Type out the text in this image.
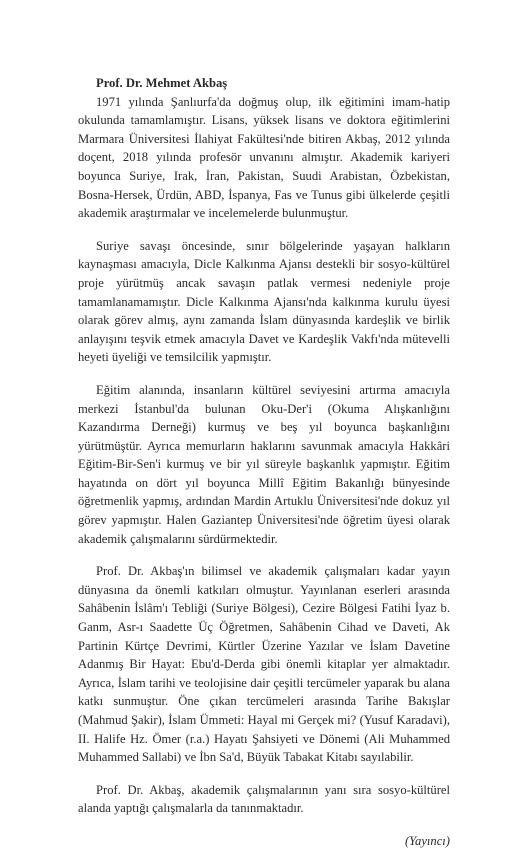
Prof. Dr. Mehmet Akbaş

1971 yılında Şanlıurfa'da doğmuş olup, ilk eğitimini imam-hatip okulunda tamamlamıştır. Lisans, yüksek lisans ve doktora eğitimlerini Marmara Üniversitesi İlahiyat Fakültesi'nde bitiren Akbaş, 2012 yılında doçent, 2018 yılında profesör unvanını almıştır. Akademik kariyeri boyunca Suriye, Irak, İran, Pakistan, Suudi Arabistan, Özbekistan, Bosna-Hersek, Ürdün, ABD, İspanya, Fas ve Tunus gibi ülkelerde çeşitli akademik araştırmalar ve incelemelerde bulunmuştur.

Suriye savaşı öncesinde, sınır bölgelerinde yaşayan halkların kaynaşması amacıyla, Dicle Kalkınma Ajansı destekli bir sosyo-kültürel proje yürütmüş ancak savaşın patlak vermesi nedeniyle proje tamamlanamamıştır. Dicle Kalkınma Ajansı'nda kalkınma kurulu üyesi olarak görev almış, aynı zamanda İslam dünyasında kardeşlik ve birlik anlayışını teşvik etmek amacıyla Davet ve Kardeşlik Vakfı'nda mütevelli heyeti üyeliği ve temsilcilik yapmıştır.

Eğitim alanında, insanların kültürel seviyesini artırma amacıyla merkezi İstanbul'da bulunan Oku-Der'i (Okuma Alışkanlığını Kazandırma Derneği) kurmuş ve beş yıl boyunca başkanlığını yürütmüştür. Ayrıca memurların haklarını savunmak amacıyla Hakkâri Eğitim-Bir-Sen'i kurmuş ve bir yıl süreyle başkanlık yapmıştır. Eğitim hayatında on dört yıl boyunca Millî Eğitim Bakanlığı bünyesinde öğretmenlik yapmış, ardından Mardin Artuklu Üniversitesi'nde dokuz yıl görev yapmıştır. Halen Gaziantep Üniversitesi'nde öğretim üyesi olarak akademik çalışmalarını sürdürmektedir.

Prof. Dr. Akbaş'ın bilimsel ve akademik çalışmaları kadar yayın dünyasına da önemli katkıları olmuştur. Yayınlanan eserleri arasında Sahâbenin İslâm'ı Tebliği (Suriye Bölgesi), Cezire Bölgesi Fatihi İyaz b. Ganm, Asr-ı Saadette Üç Öğretmen, Sahâbenin Cihad ve Daveti, Ak Partinin Kürtçe Devrimi, Kürtler Üzerine Yazılar ve İslam Davetine Adanmış Bir Hayat: Ebu'd-Derda gibi önemli kitaplar yer almaktadır. Ayrıca, İslam tarihi ve teolojisine dair çeşitli tercümeler yaparak bu alana katkı sunmuştur. Öne çıkan tercümeleri arasında Tarihe Bakışlar (Mahmud Şakir), İslam Ümmeti: Hayal mi Gerçek mi? (Yusuf Karadavi), II. Halife Hz. Ömer (r.a.) Hayatı Şahsiyeti ve Dönemi (Ali Muhammed Muhammed Sallabi) ve İbn Sa'd, Büyük Tabakat Kitabı sayılabilir.

Prof. Dr. Akbaş, akademik çalışmalarının yanı sıra sosyo-kültürel alanda yaptığı çalışmalarla da tanınmaktadır.

(Yayıncı)
